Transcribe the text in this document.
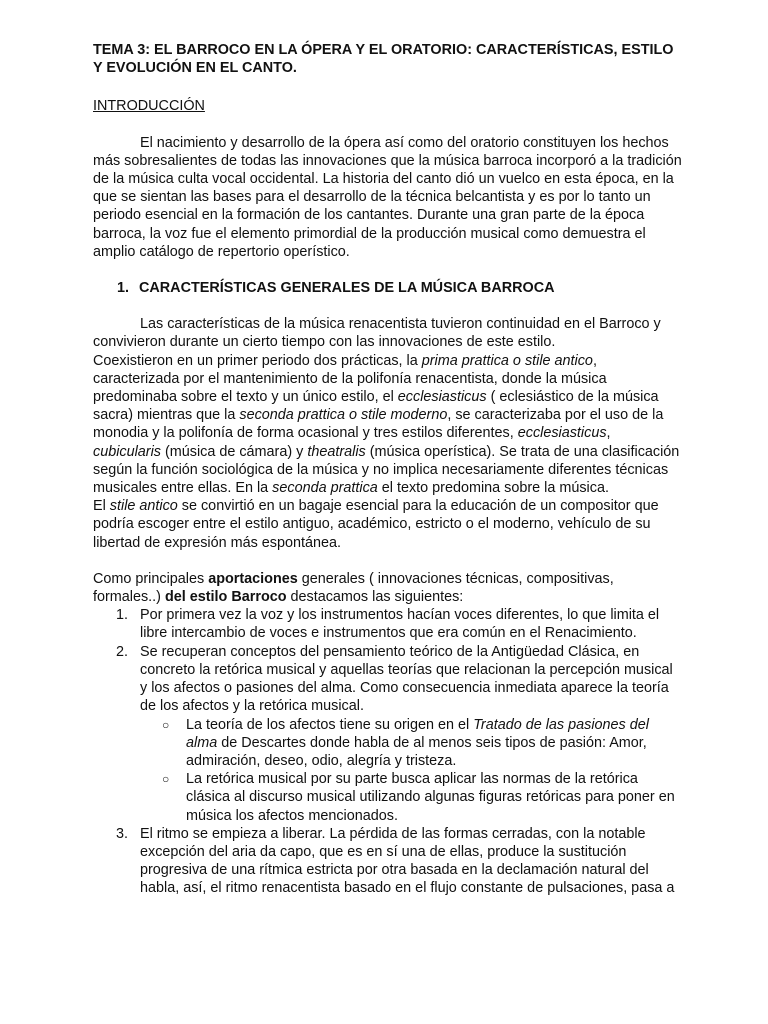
TEMA 3: EL BARROCO EN LA ÓPERA Y EL ORATORIO: CARACTERÍSTICAS, ESTILO Y EVOLUCIÓN EN EL CANTO.

INTRODUCCIÓN

El nacimiento y desarrollo de la ópera así como del oratorio constituyen los hechos más sobresalientes de todas las innovaciones que la música barroca incorporó a la tradición de la música culta vocal occidental. La historia del canto dió un vuelco en esta época, en la que se sientan las bases para el desarrollo de la técnica belcantista y es por lo tanto un periodo esencial en la formación de los cantantes. Durante una gran parte de la época barroca, la voz fue el elemento primordial de la producción musical como demuestra el amplio catálogo de repertorio operístico.

1. CARACTERÍSTICAS GENERALES DE LA MÚSICA BARROCA

Las características de la música renacentista tuvieron continuidad en el Barroco y convivieron durante un cierto tiempo con las innovaciones de este estilo.

Coexistieron en un primer periodo dos prácticas, la prima prattica o stile antico, caracterizada por el mantenimiento de la polifonía renacentista, donde la música predominaba sobre el texto y un único estilo, el ecclesiasticus ( eclesiástico de la música sacra) mientras que la seconda prattica o stile moderno, se caracterizaba por el uso de la monodia y la polifonía de forma ocasional y tres estilos diferentes, ecclesiasticus, cubicularis (música de cámara) y theatralis (música operística). Se trata de una clasificación según la función sociológica de la música y no implica necesariamente diferentes técnicas musicales entre ellas. En la seconda prattica el texto predomina sobre la música.

El stile antico se convirtió en un bagaje esencial para la educación de un compositor que podría escoger entre el estilo antiguo, académico, estricto o el moderno, vehículo de su libertad de expresión más espontánea.

Como principales aportaciones generales ( innovaciones técnicas, compositivas, formales..) del estilo Barroco destacamos las siguientes:

1. Por primera vez la voz y los instrumentos hacían voces diferentes, lo que limita el libre intercambio de voces e instrumentos que era común en el Renacimiento.
2. Se recuperan conceptos del pensamiento teórico de la Antigüedad Clásica, en concreto la retórica musical y aquellas teorías que relacionan la percepción musical y los afectos o pasiones del alma. Como consecuencia inmediata aparece la teoría de los afectos y la retórica musical.
○ La teoría de los afectos tiene su origen en el Tratado de las pasiones del alma de Descartes donde habla de al menos seis tipos de pasión: Amor, admiración, deseo, odio, alegría y tristeza.
○ La retórica musical por su parte busca aplicar las normas de la retórica clásica al discurso musical utilizando algunas figuras retóricas para poner en música los afectos mencionados.
3. El ritmo se empieza a liberar. La pérdida de las formas cerradas, con la notable excepción del aria da capo, que es en sí una de ellas, produce la sustitución progresiva de una rítmica estricta por otra basada en la declamación natural del habla, así, el ritmo renacentista basado en el flujo constante de pulsaciones, pasa a
